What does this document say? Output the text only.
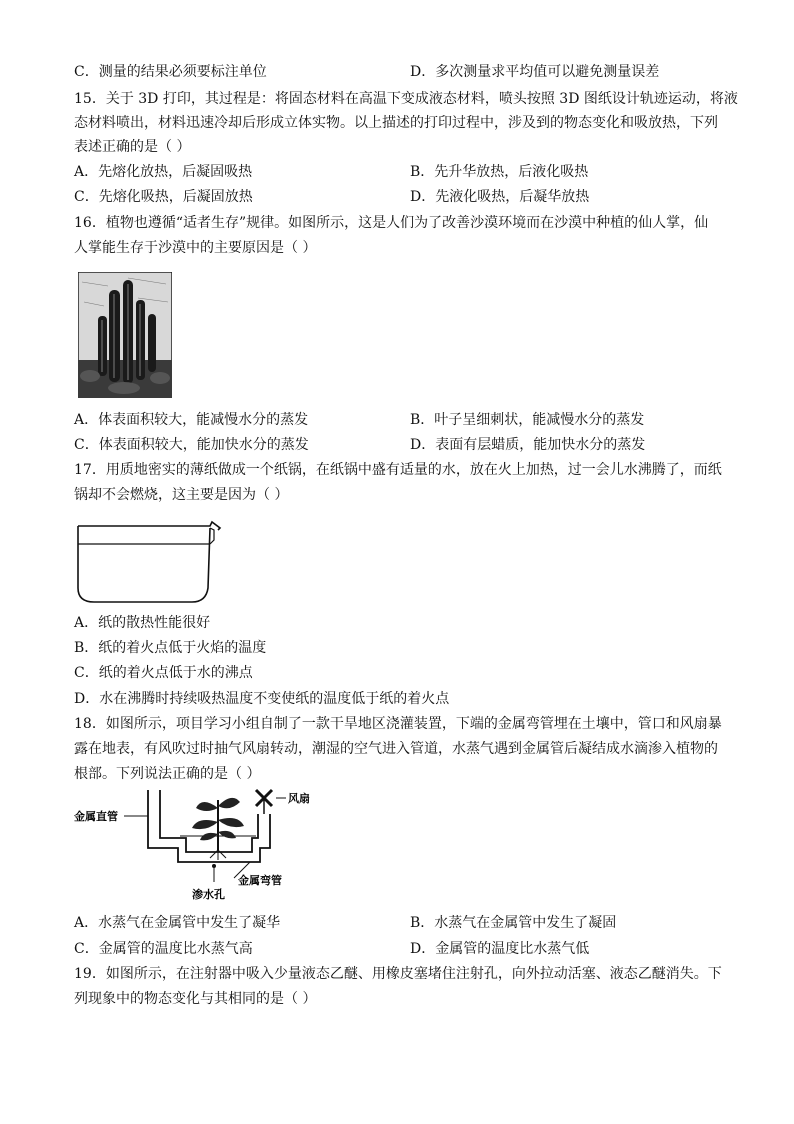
C．测量的结果必须要标注单位	D．多次测量求平均值可以避免测量误差
15．关于 3D 打印，其过程是：将固态材料在高温下变成液态材料，喷头按照 3D 图纸设计轨迹运动，将液
态材料喷出，材料迅速冷却后形成立体实物。以上描述的打印过程中，涉及到的物态变化和吸放热，下列
表述正确的是（ ）
A．先熔化放热，后凝固吸热	B．先升华放热，后液化吸热
C．先熔化吸热，后凝固放热	D．先液化吸热，后凝华放热
16．植物也遵循“适者生存”规律。如图所示，这是人们为了改善沙漠环境而在沙漠中种植的仙人掌，仙
人掌能生存于沙漠中的主要原因是（ ）
A．体表面积较大，能减慢水分的蒸发	B．叶子呈细刺状，能减慢水分的蒸发
C．体表面积较大，能加快水分的蒸发	D．表面有层蜡质，能加快水分的蒸发
17．用质地密实的薄纸做成一个纸锅，在纸锅中盛有适量的水，放在火上加热，过一会儿水沸腾了，而纸
锅却不会燃烧，这主要是因为（ ）
A．纸的散热性能很好
B．纸的着火点低于火焰的温度
C．纸的着火点低于水的沸点
D．水在沸腾时持续吸热温度不变使纸的温度低于纸的着火点
18．如图所示，项目学习小组自制了一款干旱地区浇灌装置，下端的金属弯管埋在土壤中，管口和风扇暴
露在地表，有风吹过时抽气风扇转动，潮湿的空气进入管道，水蒸气遇到金属管后凝结成水滴渗入植物的
根部。下列说法正确的是（ ）
金属直管
风扇
金属弯管
渗水孔
A．水蒸气在金属管中发生了凝华	B．水蒸气在金属管中发生了凝固
C．金属管的温度比水蒸气高	D．金属管的温度比水蒸气低
19．如图所示，在注射器中吸入少量液态乙醚、用橡皮塞堵住注射孔，向外拉动活塞、液态乙醚消失。下
列现象中的物态变化与其相同的是（ ）
